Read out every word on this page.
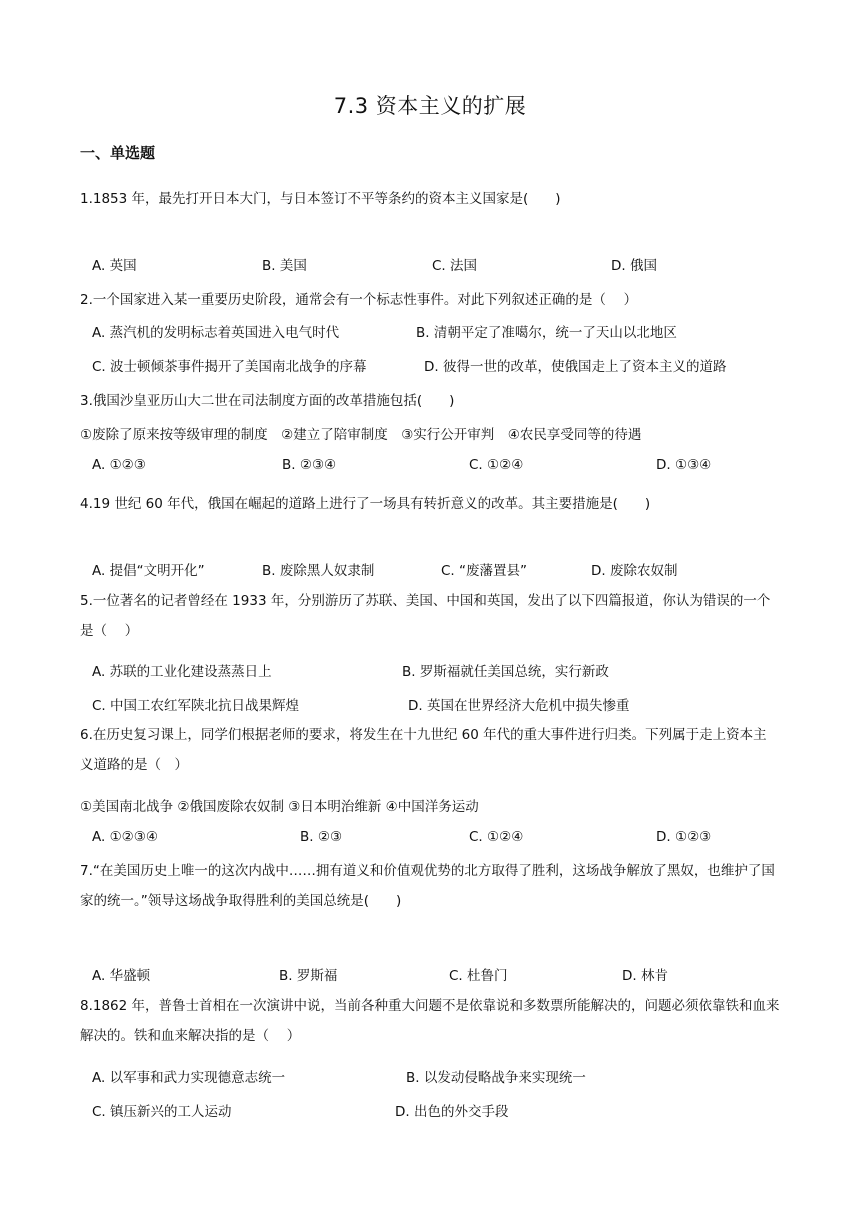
7.3 资本主义的扩展
一、单选题
1.1853 年，最先打开日本大门，与日本签订不平等条约的资本主义国家是(　　)
A. 英国	B. 美国	C. 法国	D. 俄国
2.一个国家进入某一重要历史阶段，通常会有一个标志性事件。对此下列叙述正确的是（　 ）
A. 蒸汽机的发明标志着英国进入电气时代	B. 清朝平定了准噶尔，统一了天山以北地区
C. 波士顿倾茶事件揭开了美国南北战争的序幕	D. 彼得一世的改革，使俄国走上了资本主义的道路
3.俄国沙皇亚历山大二世在司法制度方面的改革措施包括(　　)
①废除了原来按等级审理的制度　②建立了陪审制度　③实行公开审判　④农民享受同等的待遇
A. ①②③	B. ②③④	C. ①②④	D. ①③④
4.19 世纪 60 年代，俄国在崛起的道路上进行了一场具有转折意义的改革。其主要措施是(　　)
A. 提倡“文明开化”	B. 废除黑人奴隶制	C. “废藩置县”	D. 废除农奴制
5.一位著名的记者曾经在 1933 年，分别游历了苏联、美国、中国和英国，发出了以下四篇报道，你认为错误的一个是（　 ）
A. 苏联的工业化建设蒸蒸日上	B. 罗斯福就任美国总统，实行新政
C. 中国工农红军陕北抗日战果辉煌	D. 英国在世界经济大危机中损失惨重
6.在历史复习课上，同学们根据老师的要求，将发生在十九世纪 60 年代的重大事件进行归类。下列属于走上资本主义道路的是（　）
①美国南北战争 ②俄国废除农奴制 ③日本明治维新 ④中国洋务运动
A. ①②③④	B. ②③	C. ①②④	D. ①②③
7.“在美国历史上唯一的这次内战中……拥有道义和价值观优势的北方取得了胜利，这场战争解放了黑奴，也维护了国家的统一。”领导这场战争取得胜利的美国总统是(　　)
A. 华盛顿	B. 罗斯福	C. 杜鲁门	D. 林肯
8.1862 年，普鲁士首相在一次演讲中说，当前各种重大问题不是依靠说和多数票所能解决的，问题必须依靠铁和血来解决的。铁和血来解决指的是（　 ）
A. 以军事和武力实现德意志统一	B. 以发动侵略战争来实现统一
C. 镇压新兴的工人运动	D. 出色的外交手段
